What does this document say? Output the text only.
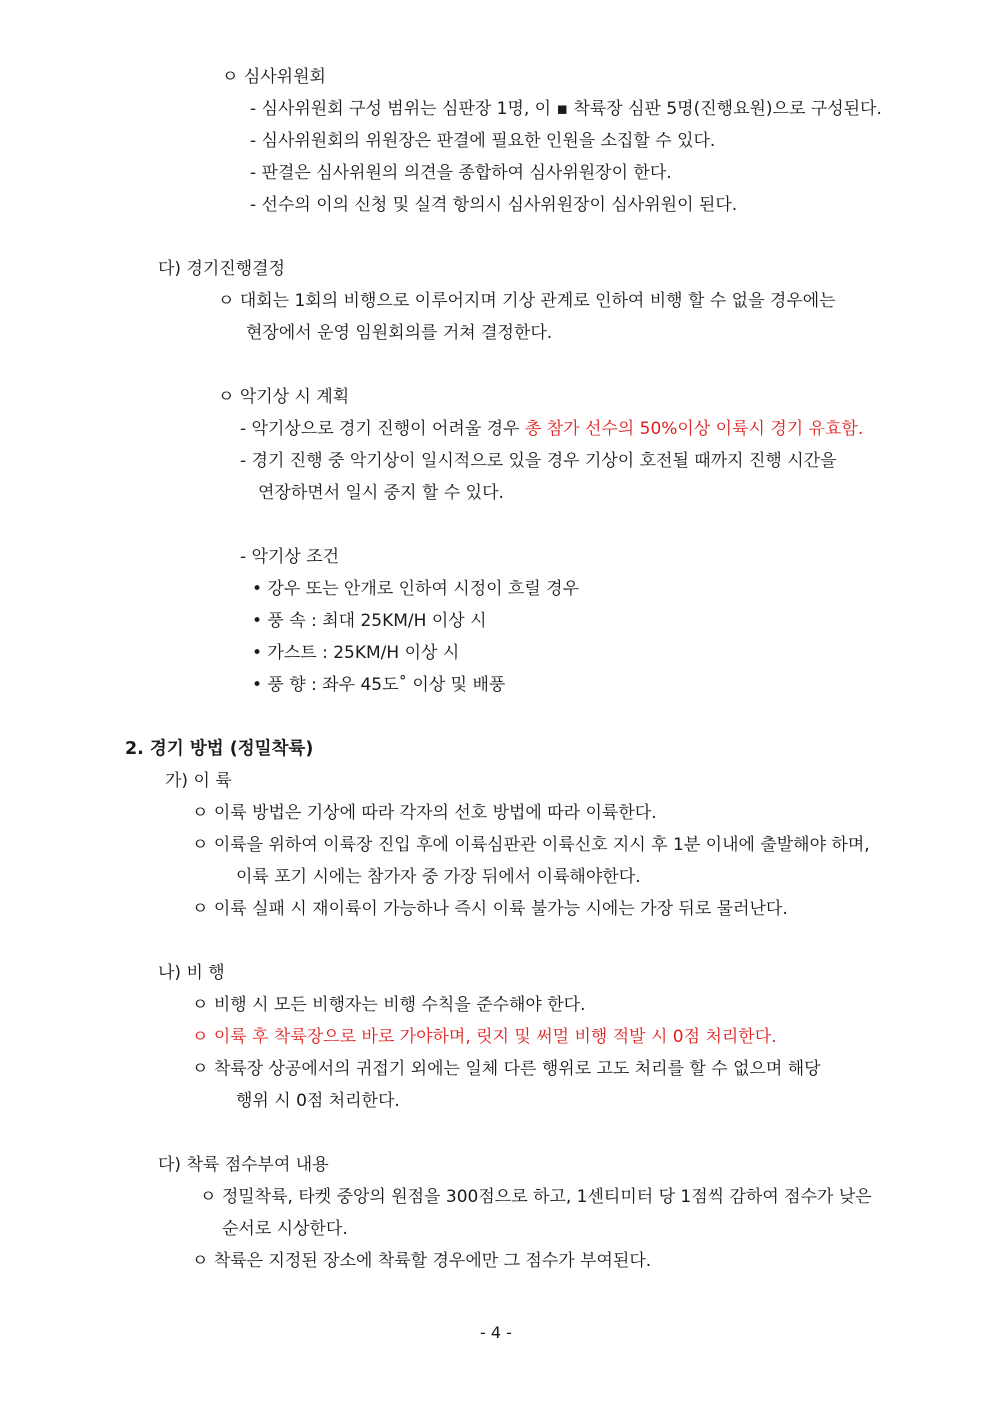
ㅇ 심사위원회
- 심사위원회 구성 범위는 심판장 1명, 이 ▪ 착륙장 심판 5명(진행요원)으로 구성된다.
- 심사위원회의 위원장은 판결에 필요한 인원을 소집할 수 있다.
- 판결은 심사위원의 의견을 종합하여 심사위원장이 한다.
- 선수의 이의 신청 및 실격 항의시 심사위원장이 심사위원이 된다.
다) 경기진행결정
ㅇ 대회는 1회의 비행으로 이루어지며 기상 관계로 인하여 비행 할 수 없을 경우에는
현장에서 운영 임원회의를 거쳐 결정한다.
ㅇ 악기상 시 계획
- 악기상으로 경기 진행이 어려울 경우 총 참가 선수의 50%이상 이륙시 경기 유효함.
- 경기 진행 중 악기상이 일시적으로 있을 경우 기상이 호전될 때까지 진행 시간을
연장하면서 일시 중지 할 수 있다.
- 악기상 조건
• 강우 또는 안개로 인하여 시정이 흐릴 경우
• 풍 속 : 최대 25KM/H 이상 시
• 가스트 : 25KM/H 이상 시
• 풍 향 : 좌우 45도˚ 이상 및 배풍
2. 경기 방법 (정밀착륙)
가) 이 륙
ㅇ 이륙 방법은 기상에 따라 각자의 선호 방법에 따라 이륙한다.
ㅇ 이륙을 위하여 이륙장 진입 후에 이륙심판관 이륙신호 지시 후 1분 이내에 출발해야 하며,
이륙 포기 시에는 참가자 중 가장 뒤에서 이륙해야한다.
ㅇ 이륙 실패 시 재이륙이 가능하나 즉시 이륙 불가능 시에는 가장 뒤로 물러난다.
나) 비 행
ㅇ 비행 시 모든 비행자는 비행 수칙을 준수해야 한다.
ㅇ 이륙 후 착륙장으로 바로 가야하며, 릿지 및 써멀 비행 적발 시 0점 처리한다.
ㅇ 착륙장 상공에서의 귀접기 외에는 일체 다른 행위로 고도 처리를 할 수 없으며 해당
행위 시 0점 처리한다.
다) 착륙 점수부여 내용
ㅇ 정밀착륙, 타켓 중앙의 원점을 300점으로 하고, 1센티미터 당 1점씩 감하여 점수가 낮은
순서로 시상한다.
ㅇ 착륙은 지정된 장소에 착륙할 경우에만 그 점수가 부여된다.
- 4 -
